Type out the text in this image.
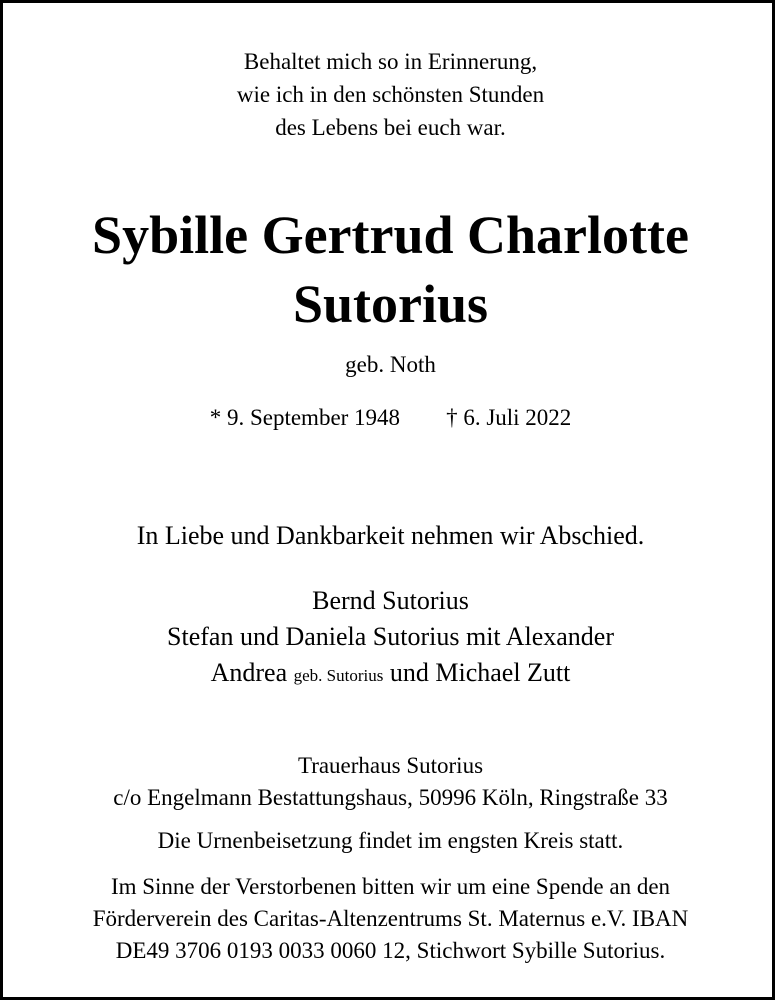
Behaltet mich so in Erinnerung,
wie ich in den schönsten Stunden
des Lebens bei euch war.
Sybille Gertrud Charlotte
Sutorius
geb. Noth
* 9. September 1948 † 6. Juli 2022
In Liebe und Dankbarkeit nehmen wir Abschied.
Bernd Sutorius
Stefan und Daniela Sutorius mit Alexander
Andrea geb. Sutorius und Michael Zutt
Trauerhaus Sutorius
c/o Engelmann Bestattungshaus, 50996 Köln, Ringstraße 33
Die Urnenbeisetzung findet im engsten Kreis statt.
Im Sinne der Verstorbenen bitten wir um eine Spende an den
Förderverein des Caritas-Altenzentrums St. Maternus e.V. IBAN
DE49 3706 0193 0033 0060 12, Stichwort Sybille Sutorius.
